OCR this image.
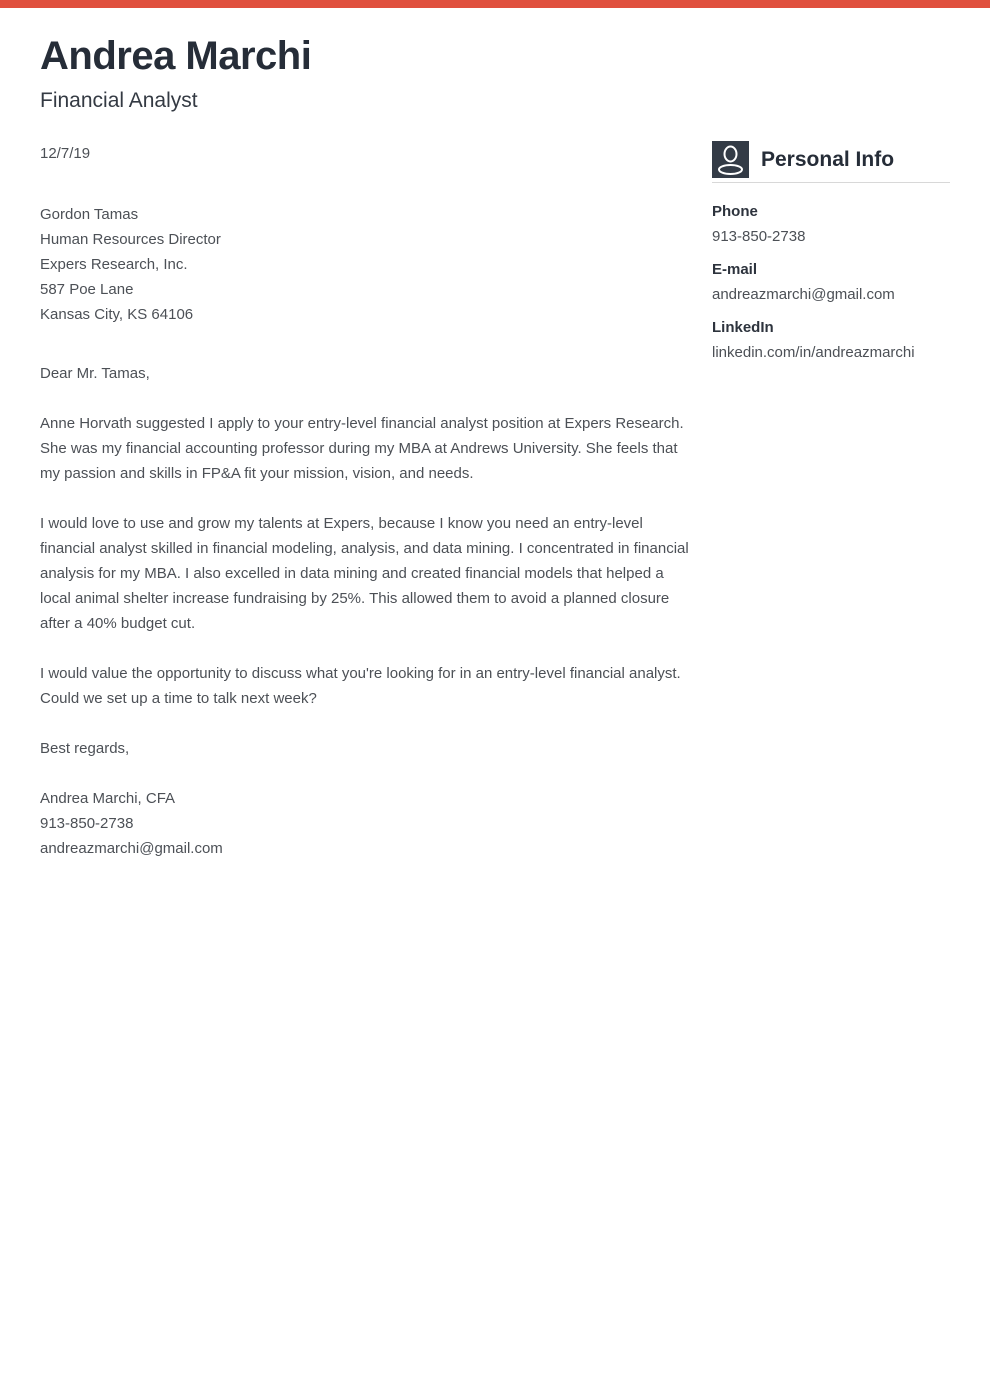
Andrea Marchi
Financial Analyst
12/7/19
Gordon Tamas
Human Resources Director
Expers Research, Inc.
587 Poe Lane
Kansas City, KS 64106

Dear Mr. Tamas,

Anne Horvath suggested I apply to your entry-level financial analyst position at Expers Research. She was my financial accounting professor during my MBA at Andrews University. She feels that my passion and skills in FP&A fit your mission, vision, and needs.

I would love to use and grow my talents at Expers, because I know you need an entry-level financial analyst skilled in financial modeling, analysis, and data mining. I concentrated in financial analysis for my MBA. I also excelled in data mining and created financial models that helped a local animal shelter increase fundraising by 25%. This allowed them to avoid a planned closure after a 40% budget cut.

I would value the opportunity to discuss what you're looking for in an entry-level financial analyst. Could we set up a time to talk next week?

Best regards,

Andrea Marchi, CFA
913-850-2738
andreazmarchi@gmail.com
Personal Info
Phone
913-850-2738
E-mail
andreazmarchi@gmail.com
LinkedIn
linkedin.com/in/andreazmarchi
